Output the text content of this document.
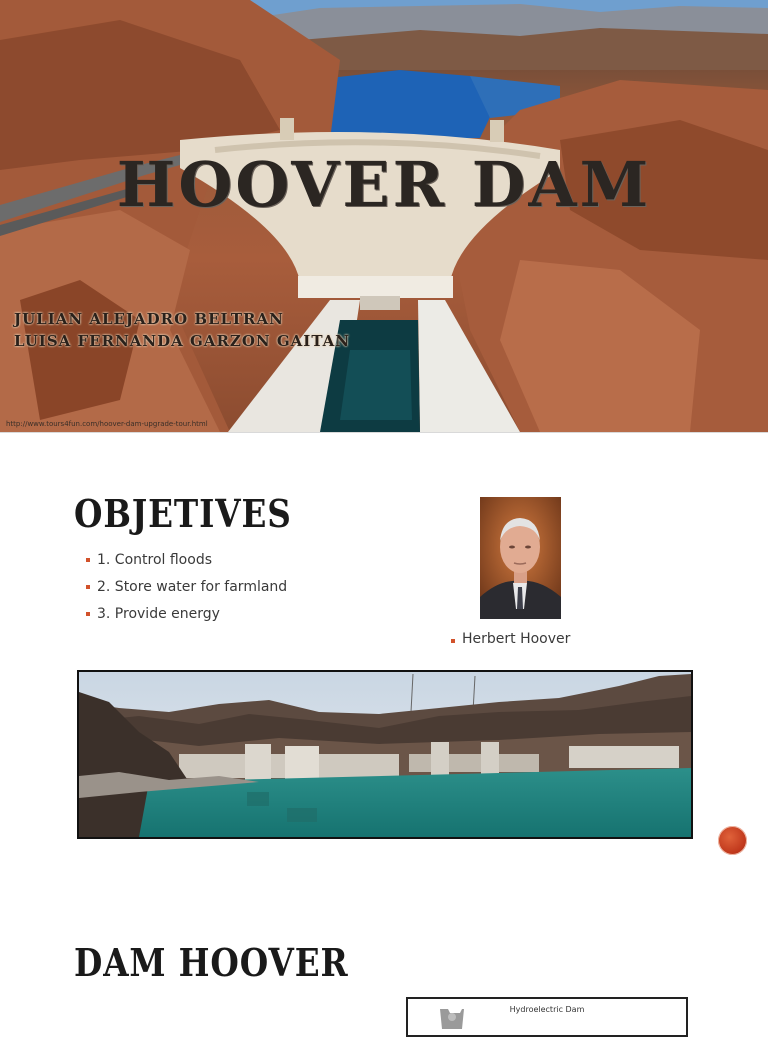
HOOVER DAM
JULIAN ALEJADRO BELTRAN
LUISA FERNANDA GARZON GAITAN
http://www.tours4fun.com/hoover-dam-upgrade-tour.html
OBJETIVES
1. Control floods
2. Store water for farmland
3. Provide energy
Herbert Hoover
DAM HOOVER
Hydroelectric Dam
